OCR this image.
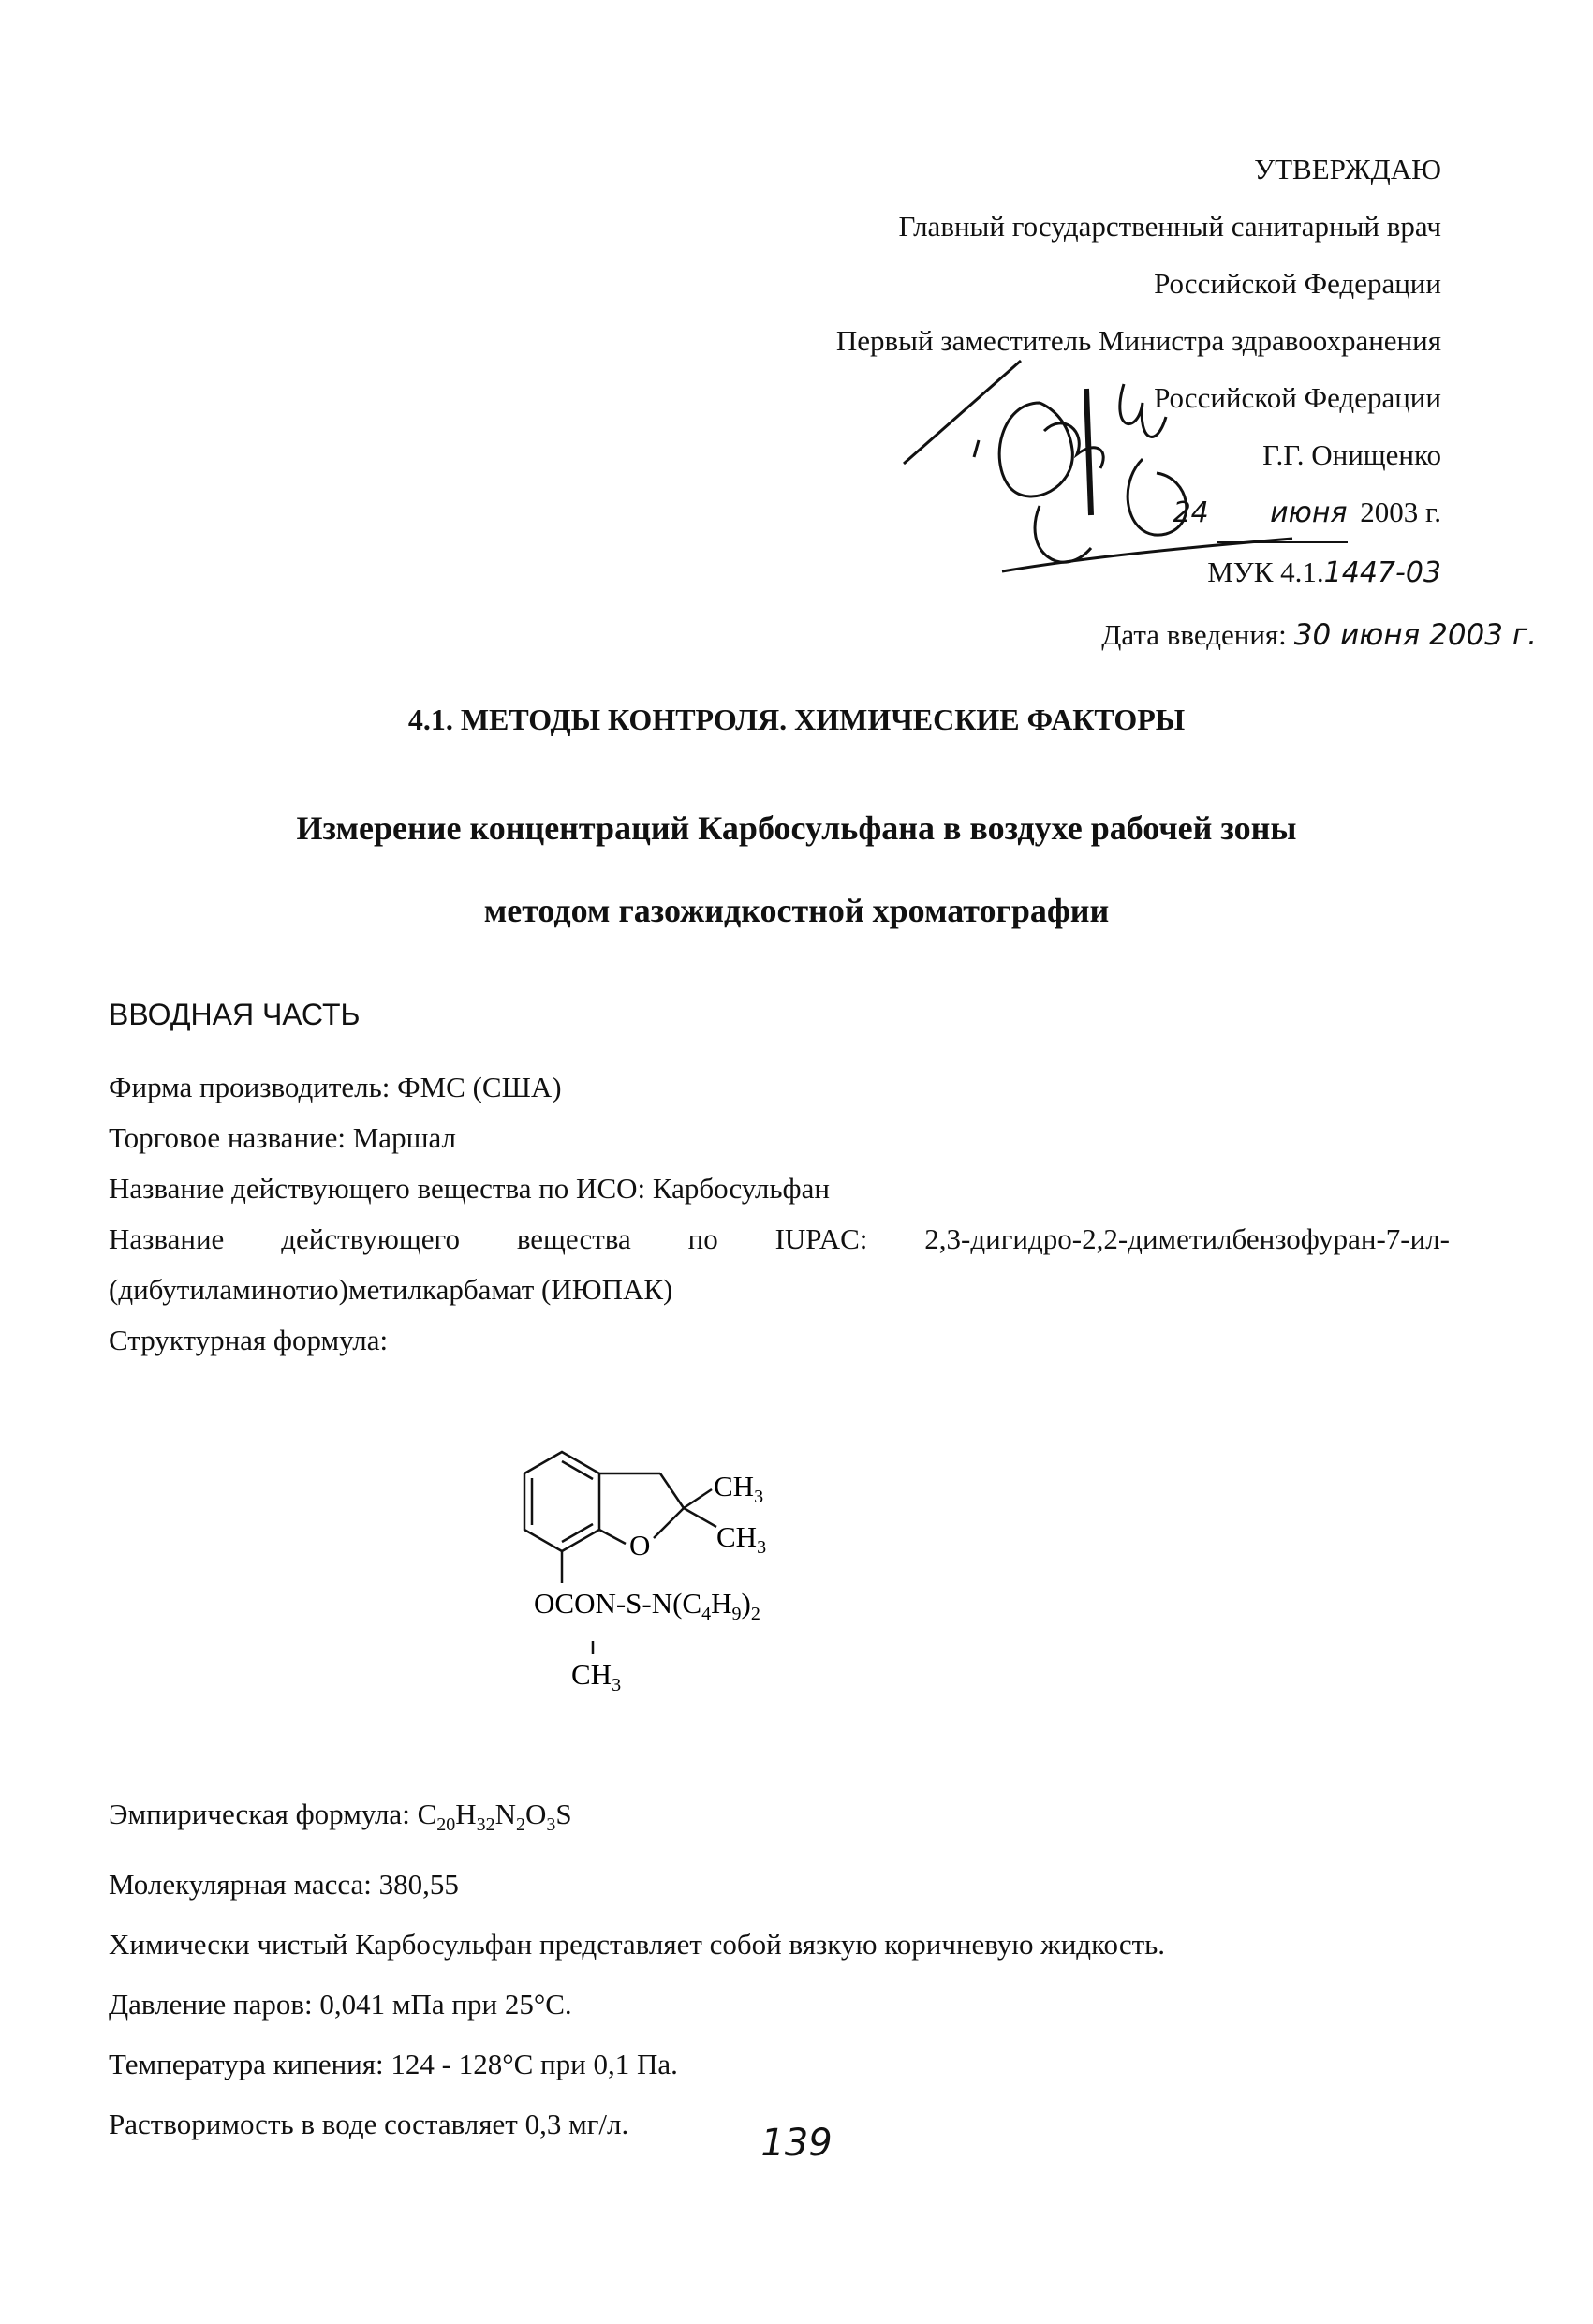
УТВЕРЖДАЮ
Главный государственный санитарный врач
Российской Федерации
Первый заместитель Министра здравоохранения
Российской Федерации
Г.Г. Онищенко
24 июня 2003 г.
МУК 4.1.1447-03
Дата введения: 30 июня 2003 г.
4.1. МЕТОДЫ КОНТРОЛЯ. ХИМИЧЕСКИЕ ФАКТОРЫ
Измерение концентраций Карбосульфана в воздухе рабочей зоны
методом газожидкостной хроматографии
ВВОДНАЯ ЧАСТЬ
Фирма производитель: ФМС (США)
Торговое название: Маршал
Название действующего вещества по ИСО: Карбосульфан
Название действующего вещества по IUPAC: 2,3-дигидро-2,2-диметилбензофуран-7-ил-
(дибутиламинотио)метилкарбамат (ИЮПАК)
Структурная формула:
$CH_3$
$CH_3$
O
OCON-$S-N(C_4H_9)_2$
$CH_3$
Эмпирическая формула: $C_{20}H_{32}N_2O_3S$
Молекулярная масса: 380,55
Химически чистый Карбосульфан представляет собой вязкую коричневую жидкость.
Давление паров: 0,041 мПа при 25°С.
Температура кипения: 124 - 128°С при 0,1 Па.
Растворимость в воде составляет 0,3 мг/л.	139
